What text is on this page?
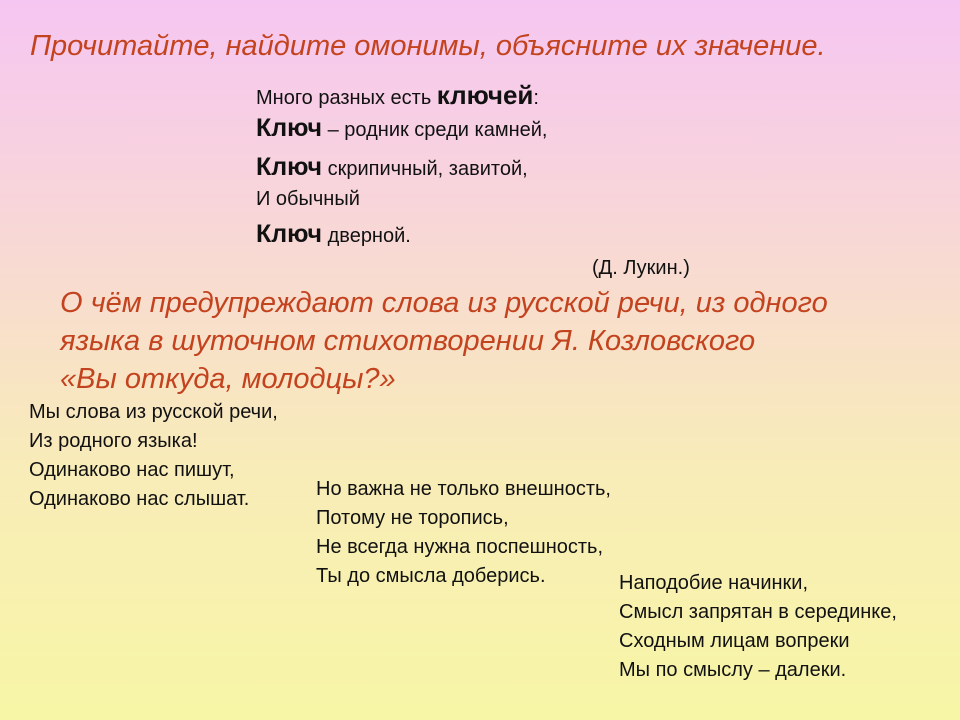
Прочитайте, найдите омонимы, объясните их значение.
Много разных есть ключей:
Ключ – родник среди камней,
Ключ скрипичный, завитой,
И обычный
Ключ дверной.
(Д. Лукин.)
О чём предупреждают слова из русской речи, из одного
языка в шуточном стихотворении Я. Козловского
«Вы откуда, молодцы?»
Мы слова из русской речи,
Из родного языка!
Одинаково нас пишут,
Одинаково нас слышат.	Но важна не только внешность,
Потому не торопись,
Не всегда нужна поспешность,
Ты до смысла доберись.	Наподобие начинки,
Смысл запрятан в серединке,
Сходным лицам вопреки
Мы по смыслу – далеки.
